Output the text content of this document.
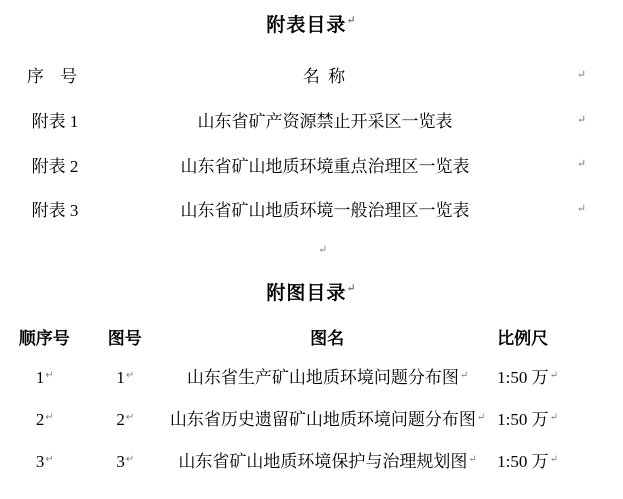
附表目录↵
序 号	名 称	↵
附表 1	山东省矿产资源禁止开采区一览表	↵
附表 2	山东省矿山地质环境重点治理区一览表	↵
附表 3	山东省矿山地质环境一般治理区一览表	↵
↵
附图目录↵
顺序号	图号	图名	比例尺
1↵	1↵	山东省生产矿山地质环境问题分布图↵	1:50 万↵
2↵	2↵	山东省历史遗留矿山地质环境问题分布图↵	1:50 万↵
3↵	3↵	山东省矿山地质环境保护与治理规划图↵	1:50 万↵
